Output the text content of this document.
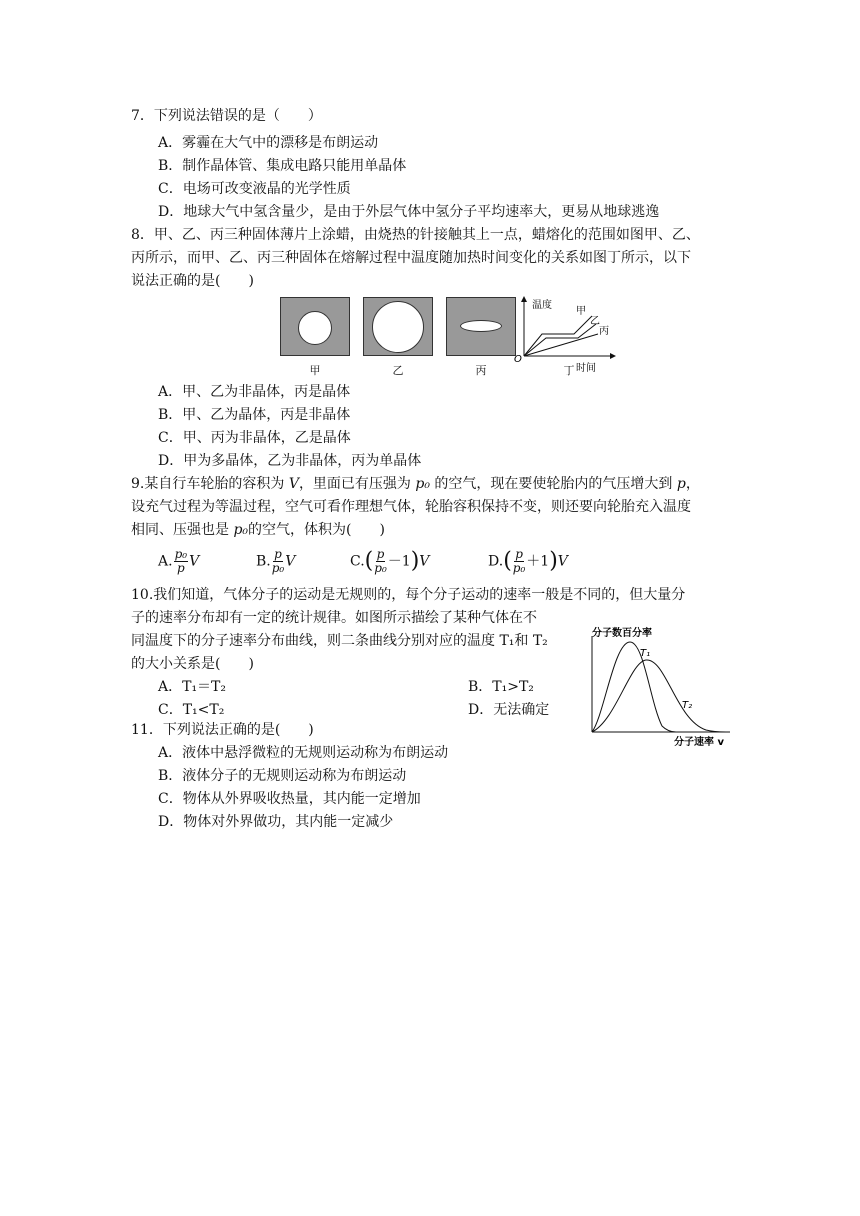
7．下列说法错误的是（　　）
A．雾霾在大气中的漂移是布朗运动
B．制作晶体管、集成电路只能用单晶体
C．电场可改变液晶的光学性质
D．地球大气中氢含量少，是由于外层气体中氢分子平均速率大，更易从地球逃逸
8．甲、乙、丙三种固体薄片上涂蜡，由烧热的针接触其上一点，蜡熔化的范围如图甲、乙、
丙所示，而甲、乙、丙三种固体在熔解过程中温度随加热时间变化的关系如图丁所示，以下
说法正确的是(　　)
甲	乙	丙
温度
时间
O
甲
乙
丙
丁
A．甲、乙为非晶体，丙是晶体
B．甲、乙为晶体，丙是非晶体
C．甲、丙为非晶体，乙是晶体
D．甲为多晶体，乙为非晶体，丙为单晶体
9.某自行车轮胎的容积为 V，里面已有压强为 p₀ 的空气，现在要使轮胎内的气压增大到 p，
设充气过程为等温过程，空气可看作理想气体，轮胎容积保持不变，则还要向轮胎充入温度
相同、压强也是 p₀的空气，体积为(　　)
A. $\frac{\text{p₀}}{p}$ V	B. $\frac{p}{\text{p₀}}$ V	$C.( \frac{p}{\text{p₀}} -1)V$	$D.( \frac{p}{\text{p₀}} +1)V$
10.我们知道，气体分子的运动是无规则的，每个分子运动的速率一般是不同的，但大量分
子的速率分布却有一定的统计规律。如图所示描绘了某种气体在不
同温度下的分子速率分布曲线，则二条曲线分别对应的温度 T₁和 T₂
的大小关系是(　　)
A．T₁＝T₂	B．T₁>T₂
C．T₁<T₂	D．无法确定
分子数百分率
分子速率 v
T₁
T₂
11．下列说法正确的是(　　)
A．液体中悬浮微粒的无规则运动称为布朗运动
B．液体分子的无规则运动称为布朗运动
C．物体从外界吸收热量，其内能一定增加
D．物体对外界做功，其内能一定减少
